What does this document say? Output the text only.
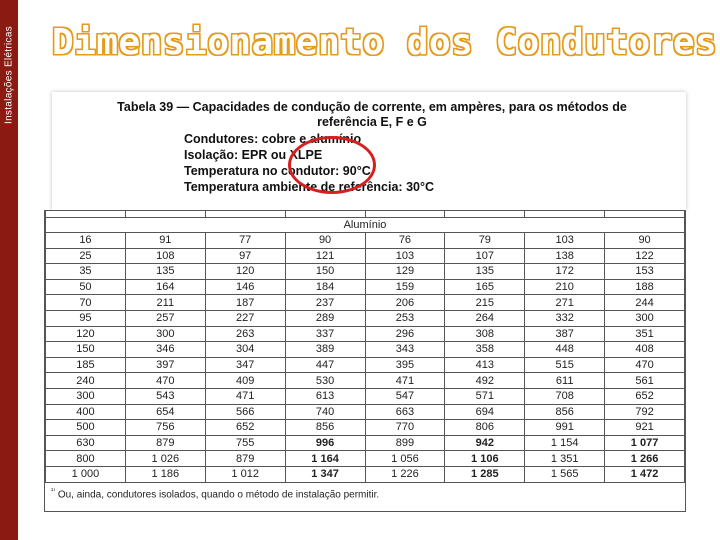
Instalações Elétricas Dimensionamento dos Condutores
Tabela 39 — Capacidades de condução de corrente, em ampères, para os métodos de
referência E, F e G
Condutores: cobre e alumínio
Isolação: EPR ou XLPE
Temperatura no condutor: 90°C
Temperatura ambiente de referência: 30°C

Alumínio							
16	91	77	90	76	79	103	90
25	108	97	121	103	107	138	122
35	135	120	150	129	135	172	153
50	164	146	184	159	165	210	188
70	211	187	237	206	215	271	244
95	257	227	289	253	264	332	300
120	300	263	337	296	308	387	351
150	346	304	389	343	358	448	408
185	397	347	447	395	413	515	470
240	470	409	530	471	492	611	561
300	543	471	613	547	571	708	652
400	654	566	740	663	694	856	792
500	756	652	856	770	806	991	921
630	879	755	996	899	942	1 154	1 077
800	1 026	879	1 164	1 056	1 106	1 351	1 266
1 000	1 186	1 012	1 347	1 226	1 285	1 565	1 472
$^{^{1)}}$ Ou, ainda, condutores isolados, quando o método de instalação permitir.
